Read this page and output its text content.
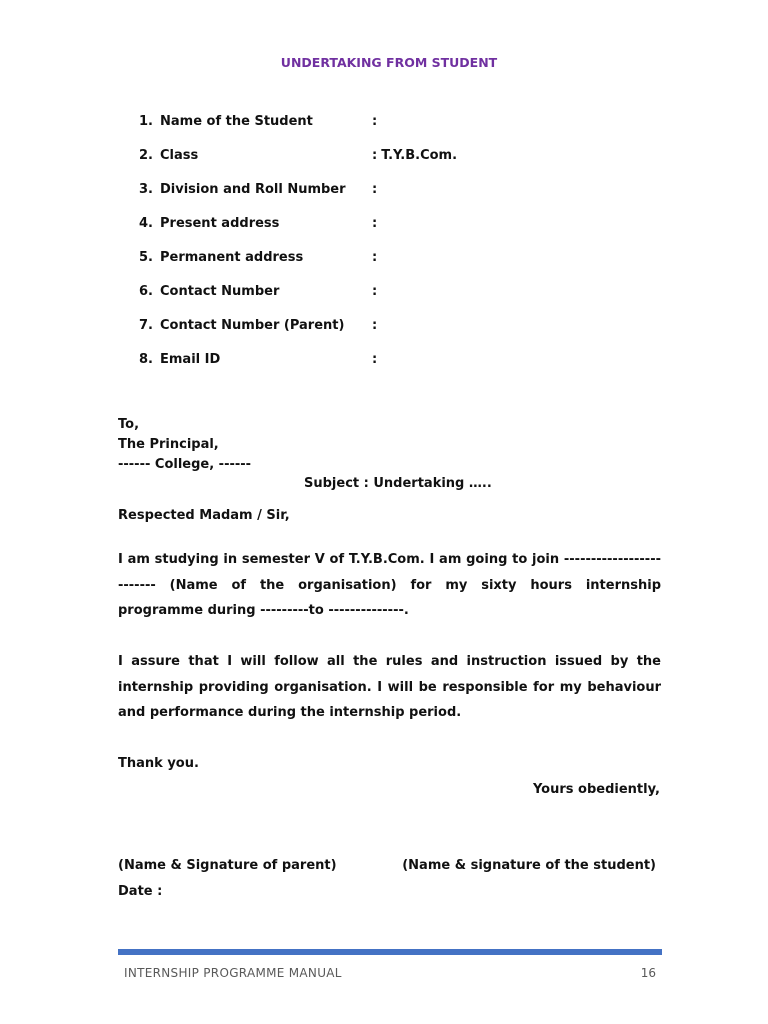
UNDERTAKING FROM STUDENT
1. Name of the Student	:
2. Class	: T.Y.B.Com.
3. Division and Roll Number :
4. Present address	:
5. Permanent address	:
6. Contact Number	:
7. Contact Number (Parent) :
8. Email ID	:
To,
The Principal,
------ College, ------
Subject : Undertaking …..
Respected Madam / Sir,

I am studying in semester V of T.Y.B.Com. I am going to join ------------------------- (Name of the organisation) for my sixty hours internship programme during ---------to --------------.

I assure that I will follow all the rules and instruction issued by the internship providing organisation. I will be responsible for my behaviour and performance during the internship period.

Thank you.
Yours obediently,
(Name & Signature of parent)	(Name & signature of the student)
Date :
INTERNSHIP PROGRAMME MANUAL	16
